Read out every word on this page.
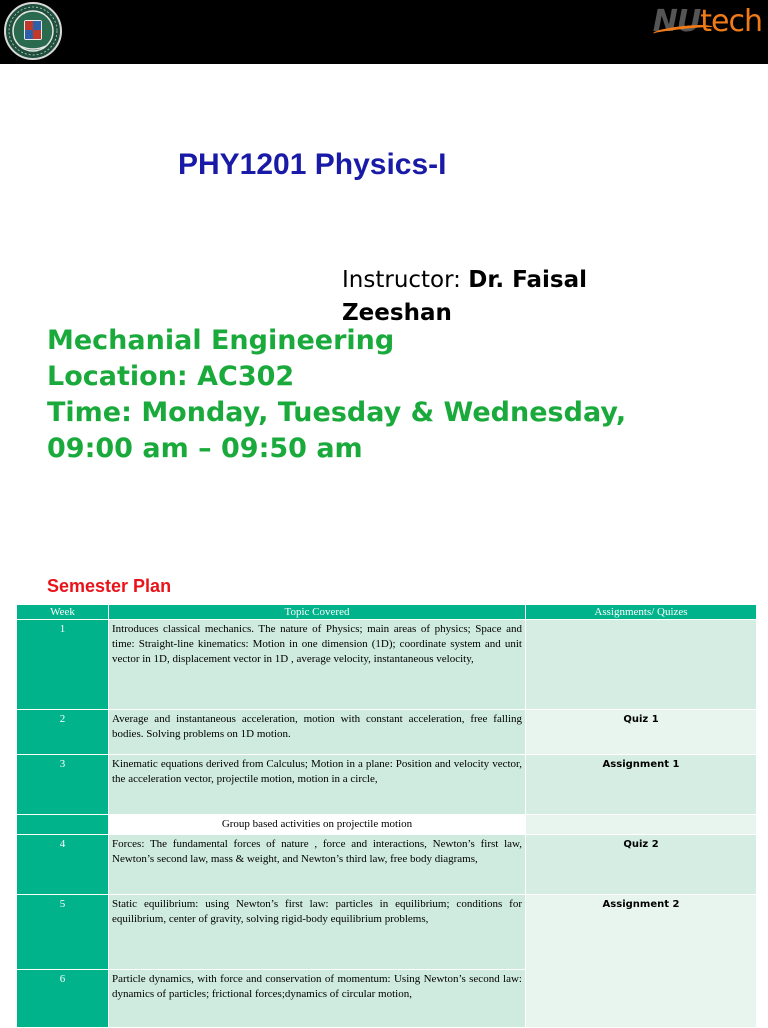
NUtech
PHY1201 Physics-I
Instructor: Dr. Faisal Zeeshan
Mechanial Engineering
Location: AC302
Time: Monday, Tuesday & Wednesday,
09:00 am – 09:50 am
Semester Plan
Week	Topic Covered	Assignments/ Quizes
1	Introduces classical mechanics. The nature of Physics; main areas of physics; Space and time: Straight-line kinematics: Motion in one dimension (1D); coordinate system and unit vector in 1D, displacement vector in 1D , average velocity, instantaneous velocity,	
2	Average and instantaneous acceleration, motion with constant acceleration, free falling bodies. Solving problems on 1D motion.	Quiz 1
3	Kinematic equations derived from Calculus; Motion in a plane: Position and velocity vector, the acceleration vector, projectile motion, motion in a circle,	Assignment 1
	Group based activities on projectile motion	
4	Forces: The fundamental forces of nature , force and interactions, Newton’s first law, Newton’s second law, mass & weight, and Newton’s third law, free body diagrams,	Quiz 2
5	Static equilibrium: using Newton’s first law: particles in equilibrium; conditions for equilibrium, center of gravity, solving rigid-body equilibrium problems,	Assignment 2
6	Particle dynamics, with force and conservation of momentum: Using Newton’s second law: dynamics of particles; frictional forces;dynamics of circular motion,	
